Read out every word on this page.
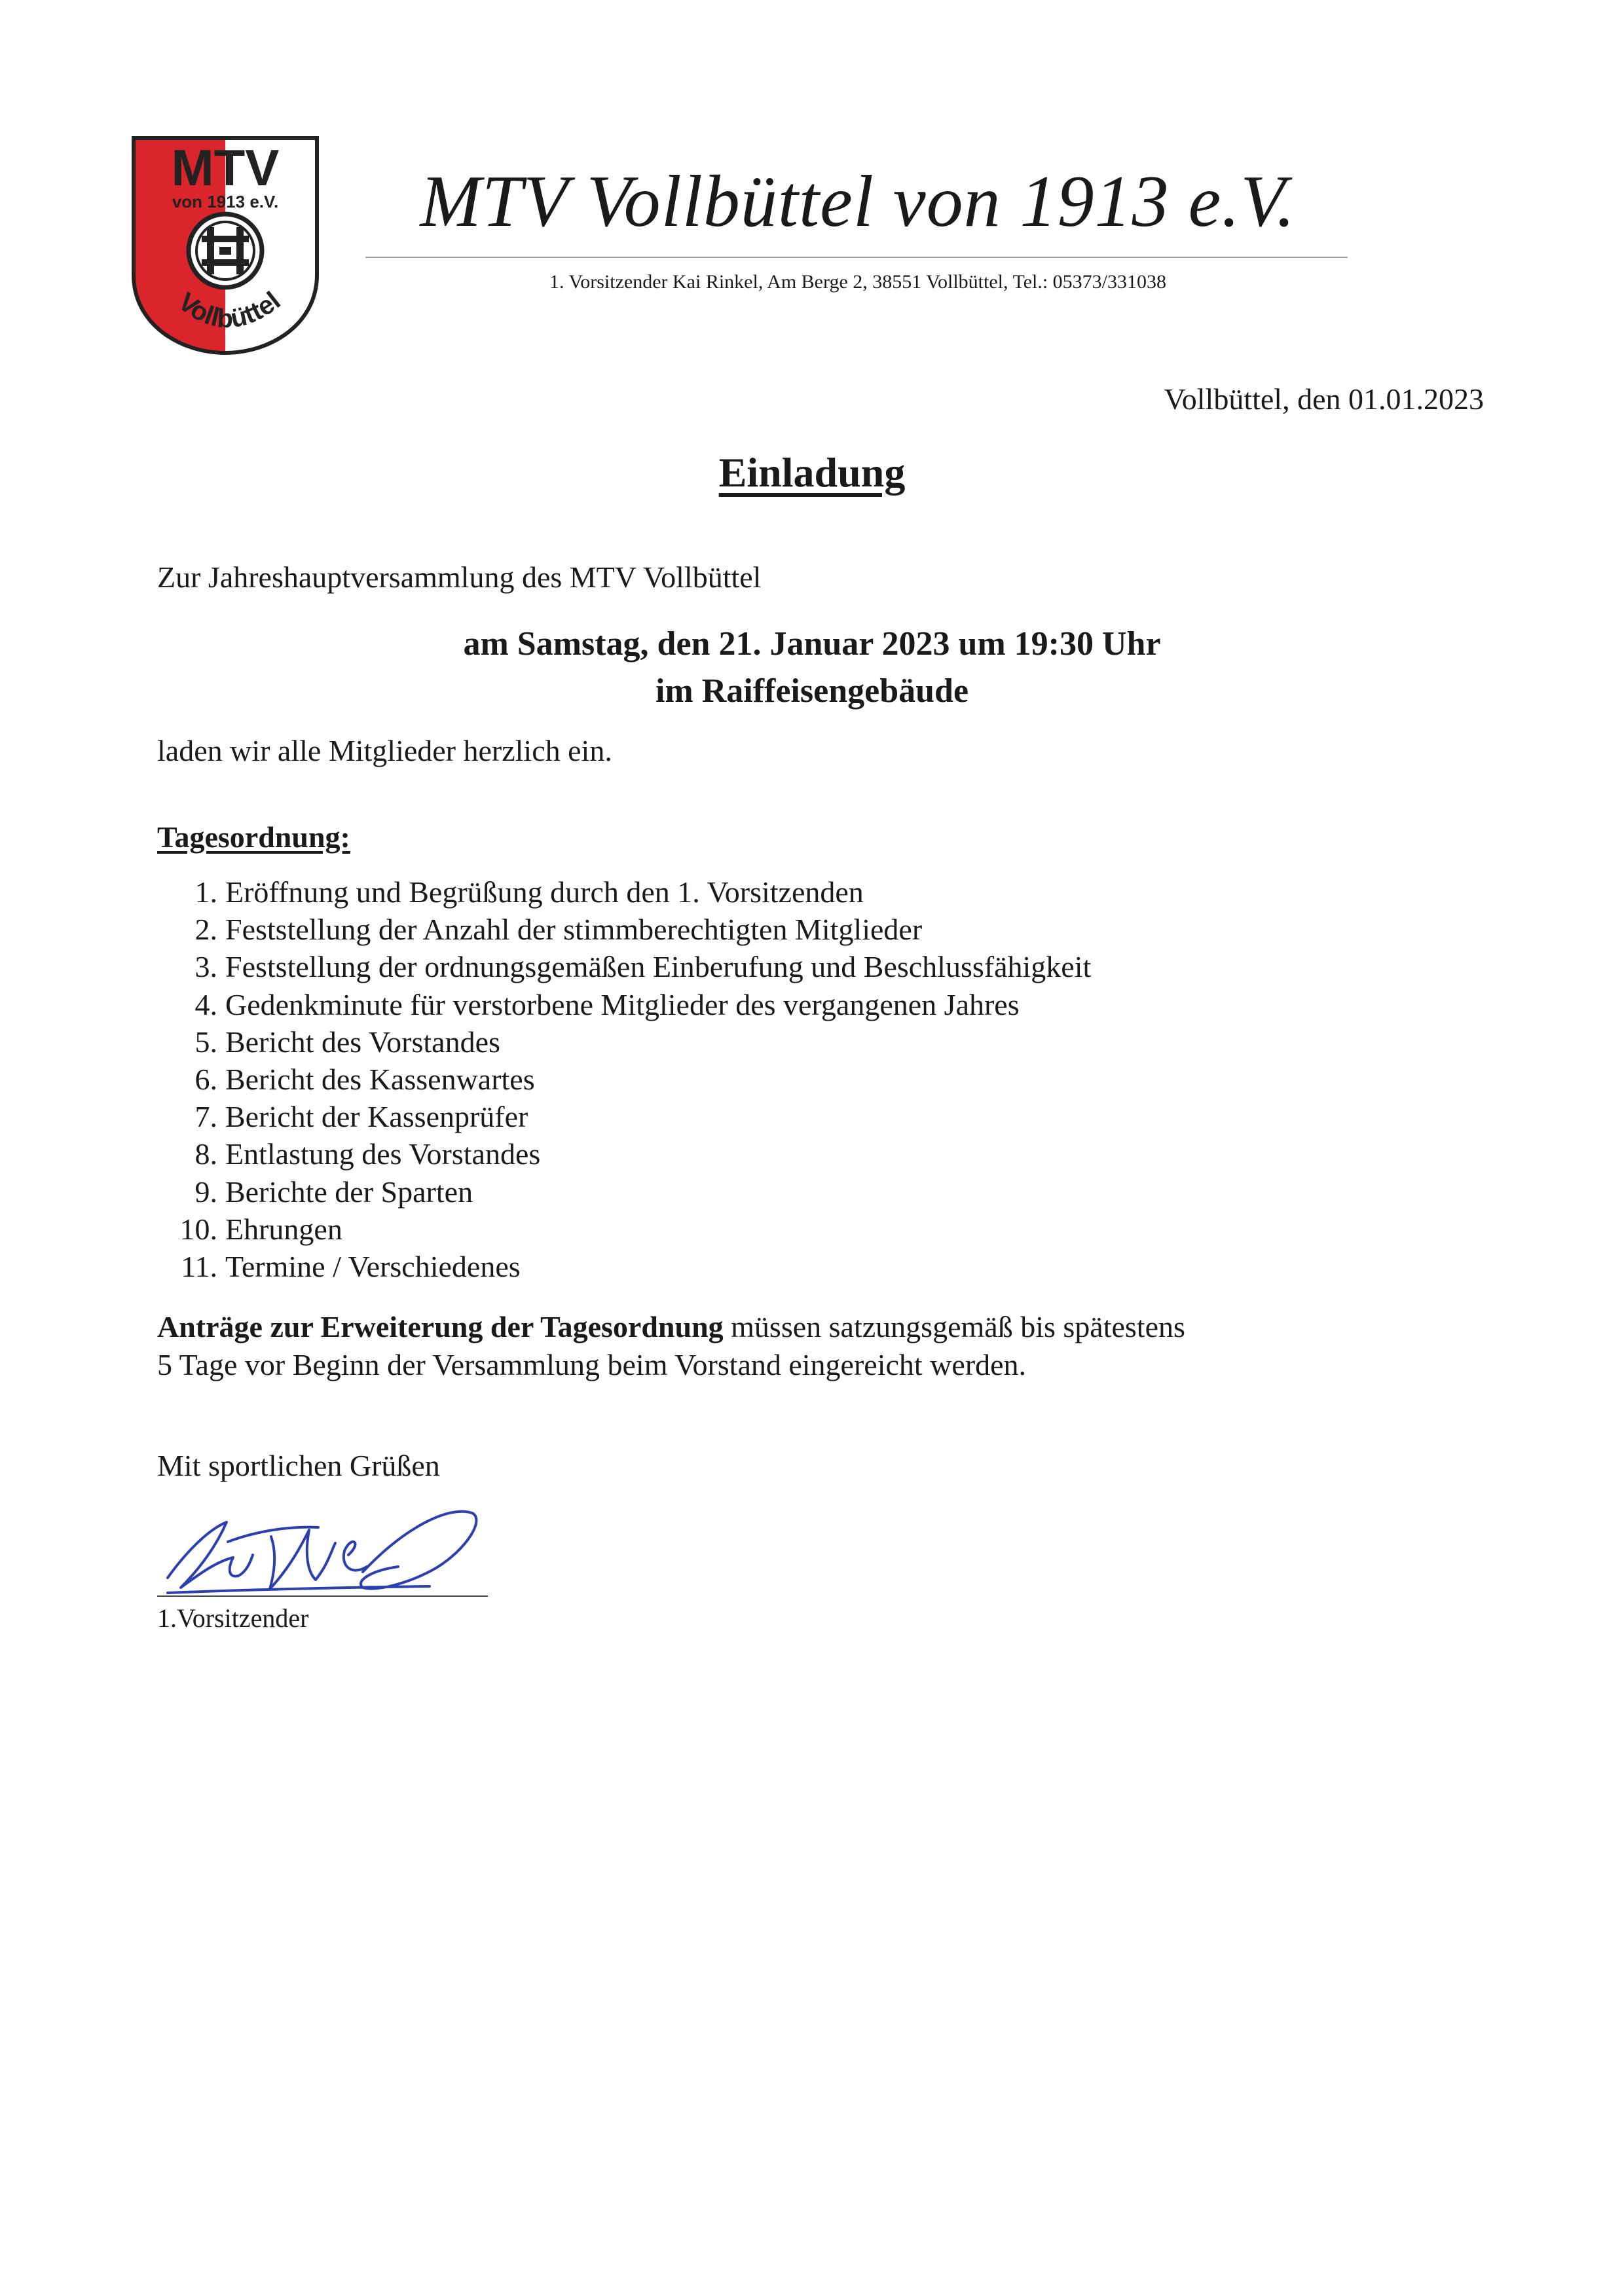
MTV
von 1913 e.V.
Vollbüttel
MTV Vollbüttel von 1913 e.V.
1. Vorsitzender Kai Rinkel, Am Berge 2, 38551 Vollbüttel, Tel.: 05373/331038
Vollbüttel, den 01.01.2023
Einladung
Zur Jahreshauptversammlung des MTV Vollbüttel
am Samstag, den 21. Januar 2023 um 19:30 Uhr
im Raiffeisengebäude
laden wir alle Mitglieder herzlich ein.
Tagesordnung:
1. Eröffnung und Begrüßung durch den 1. Vorsitzenden
2. Feststellung der Anzahl der stimmberechtigten Mitglieder
3. Feststellung der ordnungsgemäßen Einberufung und Beschlussfähigkeit
4. Gedenkminute für verstorbene Mitglieder des vergangenen Jahres
5. Bericht des Vorstandes
6. Bericht des Kassenwartes
7. Bericht der Kassenprüfer
8. Entlastung des Vorstandes
9. Berichte der Sparten
10. Ehrungen
11. Termine / Verschiedenes
Anträge zur Erweiterung der Tagesordnung müssen satzungsgemäß bis spätestens
5 Tage vor Beginn der Versammlung beim Vorstand eingereicht werden.
Mit sportlichen Grüßen
1.Vorsitzender
